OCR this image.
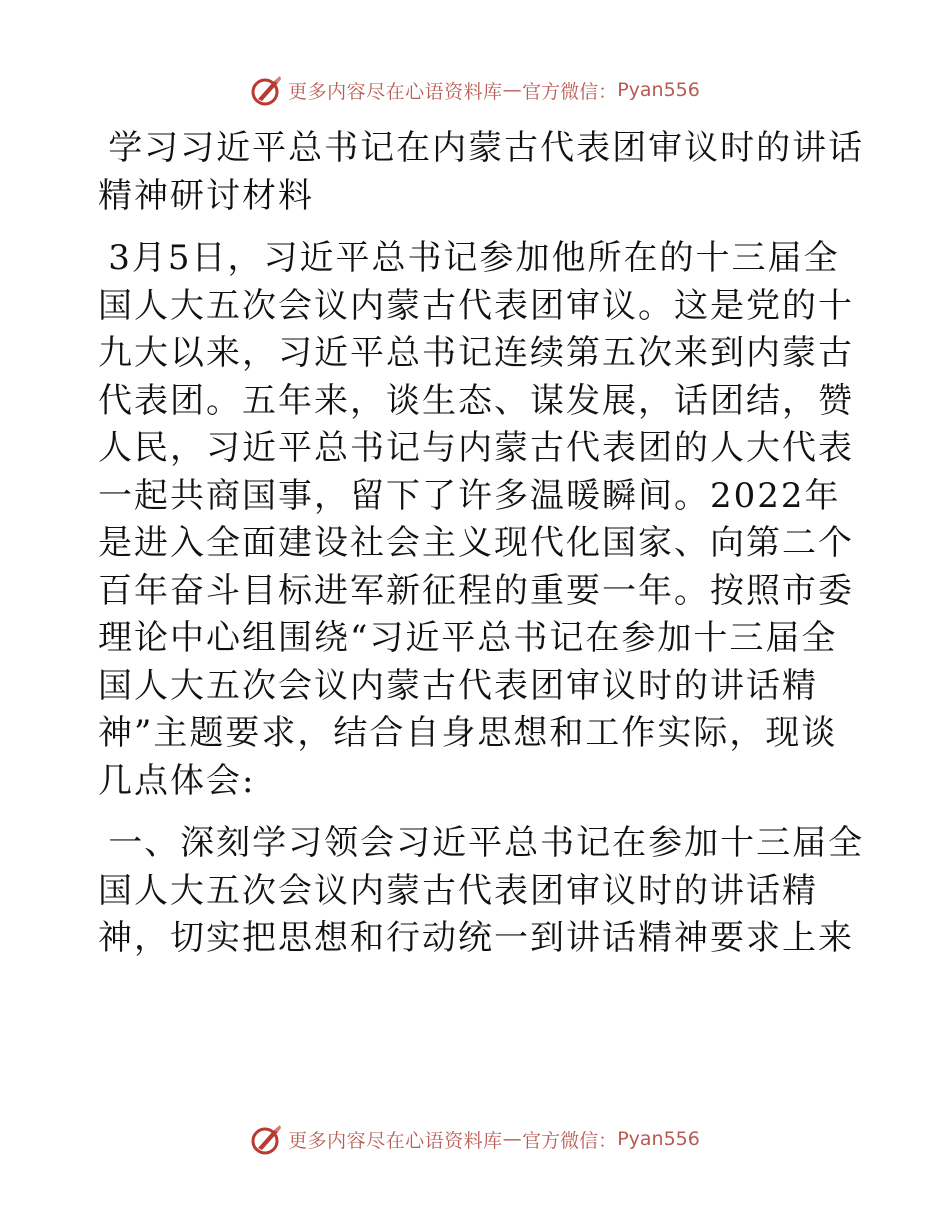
更多内容尽在心语资料库 — 官方微信： Pyan556

学习习近平总书记在内蒙古代表团审议时的讲话精神研讨材料

3月5日，习近平总书记参加他所在的十三届全国人大五次会议内蒙古代表团审议。这是党的十九大以来，习近平总书记连续第五次来到内蒙古代表团。五年来，谈生态、谋发展，话团结，赞人民，习近平总书记与内蒙古代表团的人大代表一起共商国事，留下了许多温暖瞬间。2022年是进入全面建设社会主义现代化国家、向第二个百年奋斗目标进军新征程的重要一年。按照市委理论中心组围绕“习近平总书记在参加十三届全国人大五次会议内蒙古代表团审议时的讲话精神”主题要求，结合自身思想和工作实际，现谈几点体会:

一、深刻学习领会习近平总书记在参加十三届全国人大五次会议内蒙古代表团审议时的讲话精神，切实把思想和行动统一到讲话精神要求上来

更多内容尽在心语资料库 — 官方微信： Pyan556
